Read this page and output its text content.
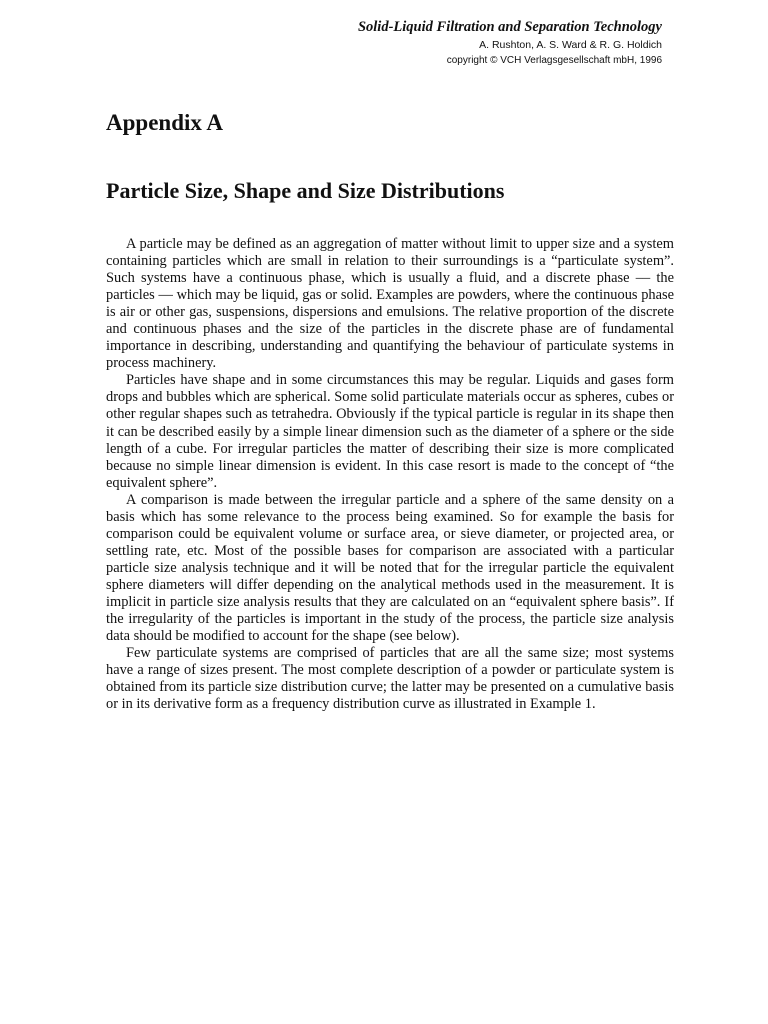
Solid-Liquid Filtration and Separation Technology
A. Rushton, A. S. Ward & R. G. Holdich
copyright © VCH Verlagsgesellschaft mbH, 1996
Appendix A
Particle Size, Shape and Size Distributions

A particle may be defined as an aggregation of matter without limit to upper size and a system containing particles which are small in relation to their surroundings is a “particulate system”. Such systems have a continuous phase, which is usually a fluid, and a discrete phase –– the particles — which may be liquid, gas or solid. Examples are powders, where the continuous phase is air or other gas, suspensions, dispersions and emulsions. The relative proportion of the discrete and continuous phases and the size of the particles in the discrete phase are of fundamental importance in describing, understanding and quantifying the behaviour of particulate systems in process machinery.

Particles have shape and in some circumstances this may be regular. Liquids and gases form drops and bubbles which are spherical. Some solid particulate materials occur as spheres, cubes or other regular shapes such as tetrahedra. Obviously if the typical particle is regular in its shape then it can be described easily by a simple linear dimension such as the diameter of a sphere or the side length of a cube. For irregular particles the matter of describing their size is more complicated because no simple linear dimension is evident. In this case resort is made to the concept of “the equivalent sphere”.

A comparison is made between the irregular particle and a sphere of the same density on a basis which has some relevance to the process being examined. So for example the basis for comparison could be equivalent volume or surface area, or sieve diameter, or projected area, or settling rate, etc. Most of the possible bases for comparison are associated with a particular particle size analysis technique and it will be noted that for the irregular particle the equivalent sphere diameters will differ depending on the analytical methods used in the measurement. It is implicit in particle size analysis results that they are calculated on an “equivalent sphere basis”. If the irregularity of the particles is important in the study of the process, the particle size analysis data should be modified to account for the shape (see below).

Few particulate systems are comprised of particles that are all the same size; most systems have a range of sizes present. The most complete description of a powder or particulate system is obtained from its particle size distribution curve; the latter may be presented on a cumulative basis or in its derivative form as a frequency distribution curve as illustrated in Example 1.
